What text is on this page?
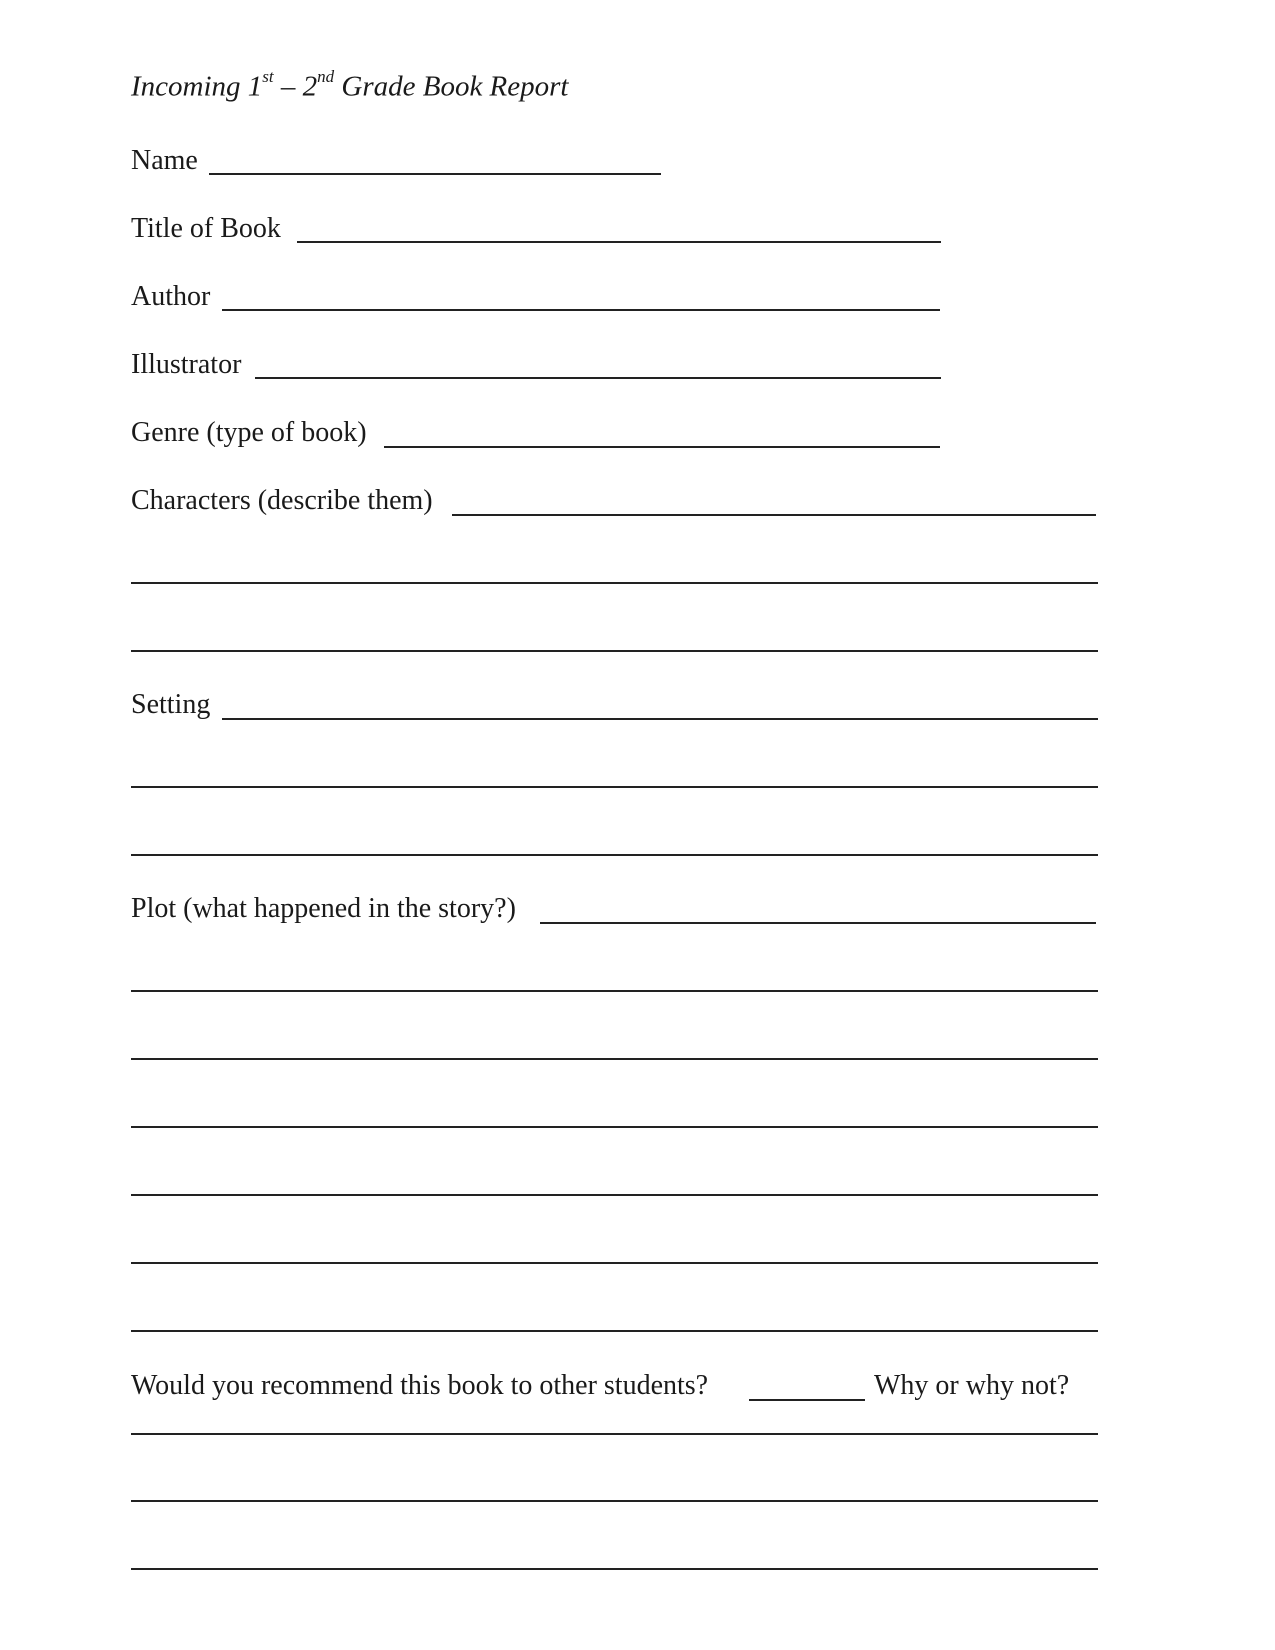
Incoming 1st – 2nd Grade Book Report
Name
Title of Book
Author
Illustrator
Genre (type of book)
Characters (describe them)
Setting
Plot (what happened in the story?)
Would you recommend this book to other students?	Why or why not?
